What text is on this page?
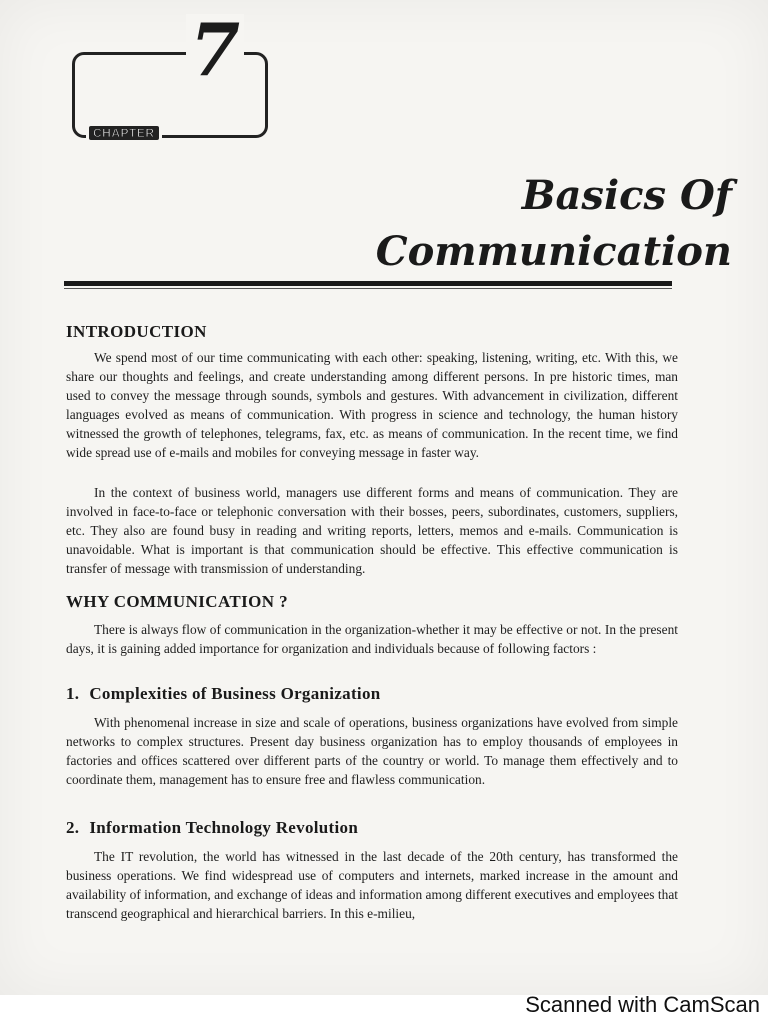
7
CHAPTER
Basics Of
Communication
INTRODUCTION

We spend most of our time communicating with each other: speaking, listening, writing, etc. With this, we share our thoughts and feelings, and create understanding among different persons. In pre historic times, man used to convey the message through sounds, symbols and gestures. With advancement in civilization, different languages evolved as means of communication. With progress in science and technology, the human history witnessed the growth of telephones, telegrams, fax, etc. as means of communication. In the recent time, we find wide spread use of e-mails and mobiles for conveying message in faster way.

In the context of business world, managers use different forms and means of communication. They are involved in face-to-face or telephonic conversation with their bosses, peers, subordinates, customers, suppliers, etc. They also are found busy in reading and writing reports, letters, memos and e-mails. Communication is unavoidable. What is important is that communication should be effective. This effective communication is transfer of message with transmission of understanding.

WHY COMMUNICATION ?

There is always flow of communication in the organization-whether it may be effective or not. In the present days, it is gaining added importance for organization and individuals because of following factors :

1. Complexities of Business Organization

With phenomenal increase in size and scale of operations, business organizations have evolved from simple networks to complex structures. Present day business organization has to employ thousands of employees in factories and offices scattered over different parts of the country or world. To manage them effectively and to coordinate them, management has to ensure free and flawless communication.

2. Information Technology Revolution

The IT revolution, the world has witnessed in the last decade of the 20th century, has transformed the business operations. We find widespread use of computers and internets, marked increase in the amount and availability of information, and exchange of ideas and information among different executives and employees that transcend geographical and hierarchical barriers. In this e-milieu,

Scanned with CamScan
